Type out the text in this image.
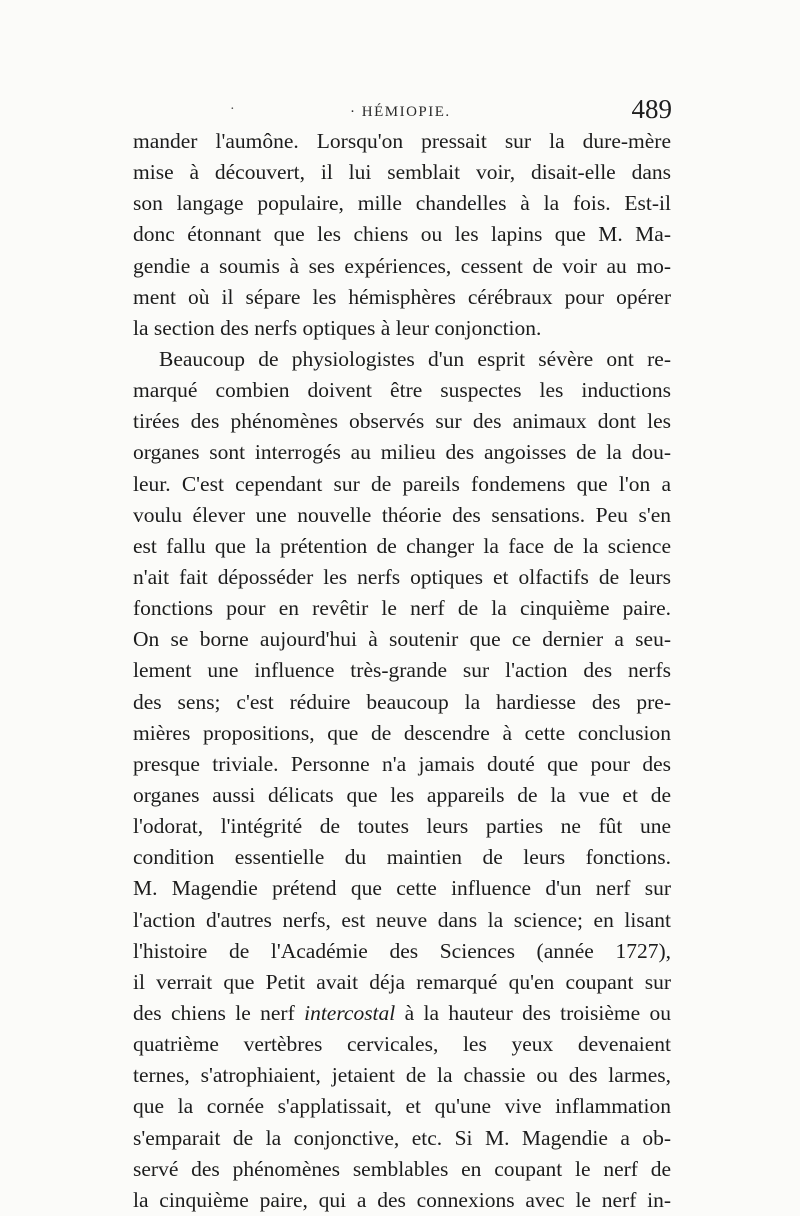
·	· HÉMIOPIE.	489
mander l'aumône. Lorsqu'on pressait sur la dure-mère
mise à découvert, il lui semblait voir, disait-elle dans
son langage populaire, mille chandelles à la fois. Est-il
donc étonnant que les chiens ou les lapins que M. Ma-
gendie a soumis à ses expériences, cessent de voir au mo-
ment où il sépare les hémisphères cérébraux pour opérer
la section des nerfs optiques à leur conjonction.
Beaucoup de physiologistes d'un esprit sévère ont re-
marqué combien doivent être suspectes les inductions
tirées des phénomènes observés sur des animaux dont les
organes sont interrogés au milieu des angoisses de la dou-
leur. C'est cependant sur de pareils fondemens que l'on a
voulu élever une nouvelle théorie des sensations. Peu s'en
est fallu que la prétention de changer la face de la science
n'ait fait déposséder les nerfs optiques et olfactifs de leurs
fonctions pour en revêtir le nerf de la cinquième paire.
On se borne aujourd'hui à soutenir que ce dernier a seu-
lement une influence très-grande sur l'action des nerfs
des sens; c'est réduire beaucoup la hardiesse des pre-
mières propositions, que de descendre à cette conclusion
presque triviale. Personne n'a jamais douté que pour des
organes aussi délicats que les appareils de la vue et de
l'odorat, l'intégrité de toutes leurs parties ne fût une
condition essentielle du maintien de leurs fonctions.
M. Magendie prétend que cette influence d'un nerf sur
l'action d'autres nerfs, est neuve dans la science; en lisant
l'histoire de l'Académie des Sciences (année 1727),
il verrait que Petit avait déja remarqué qu'en coupant sur
des chiens le nerf intercostal à la hauteur des troisième ou
quatrième vertèbres cervicales, les yeux devenaient
ternes, s'atrophiaient, jetaient de la chassie ou des larmes,
que la cornée s'applatissait, et qu'une vive inflammation
s'emparait de la conjonctive, etc. Si M. Magendie a ob-
servé des phénomènes semblables en coupant le nerf de
la cinquième paire, qui a des connexions avec le nerf in-
